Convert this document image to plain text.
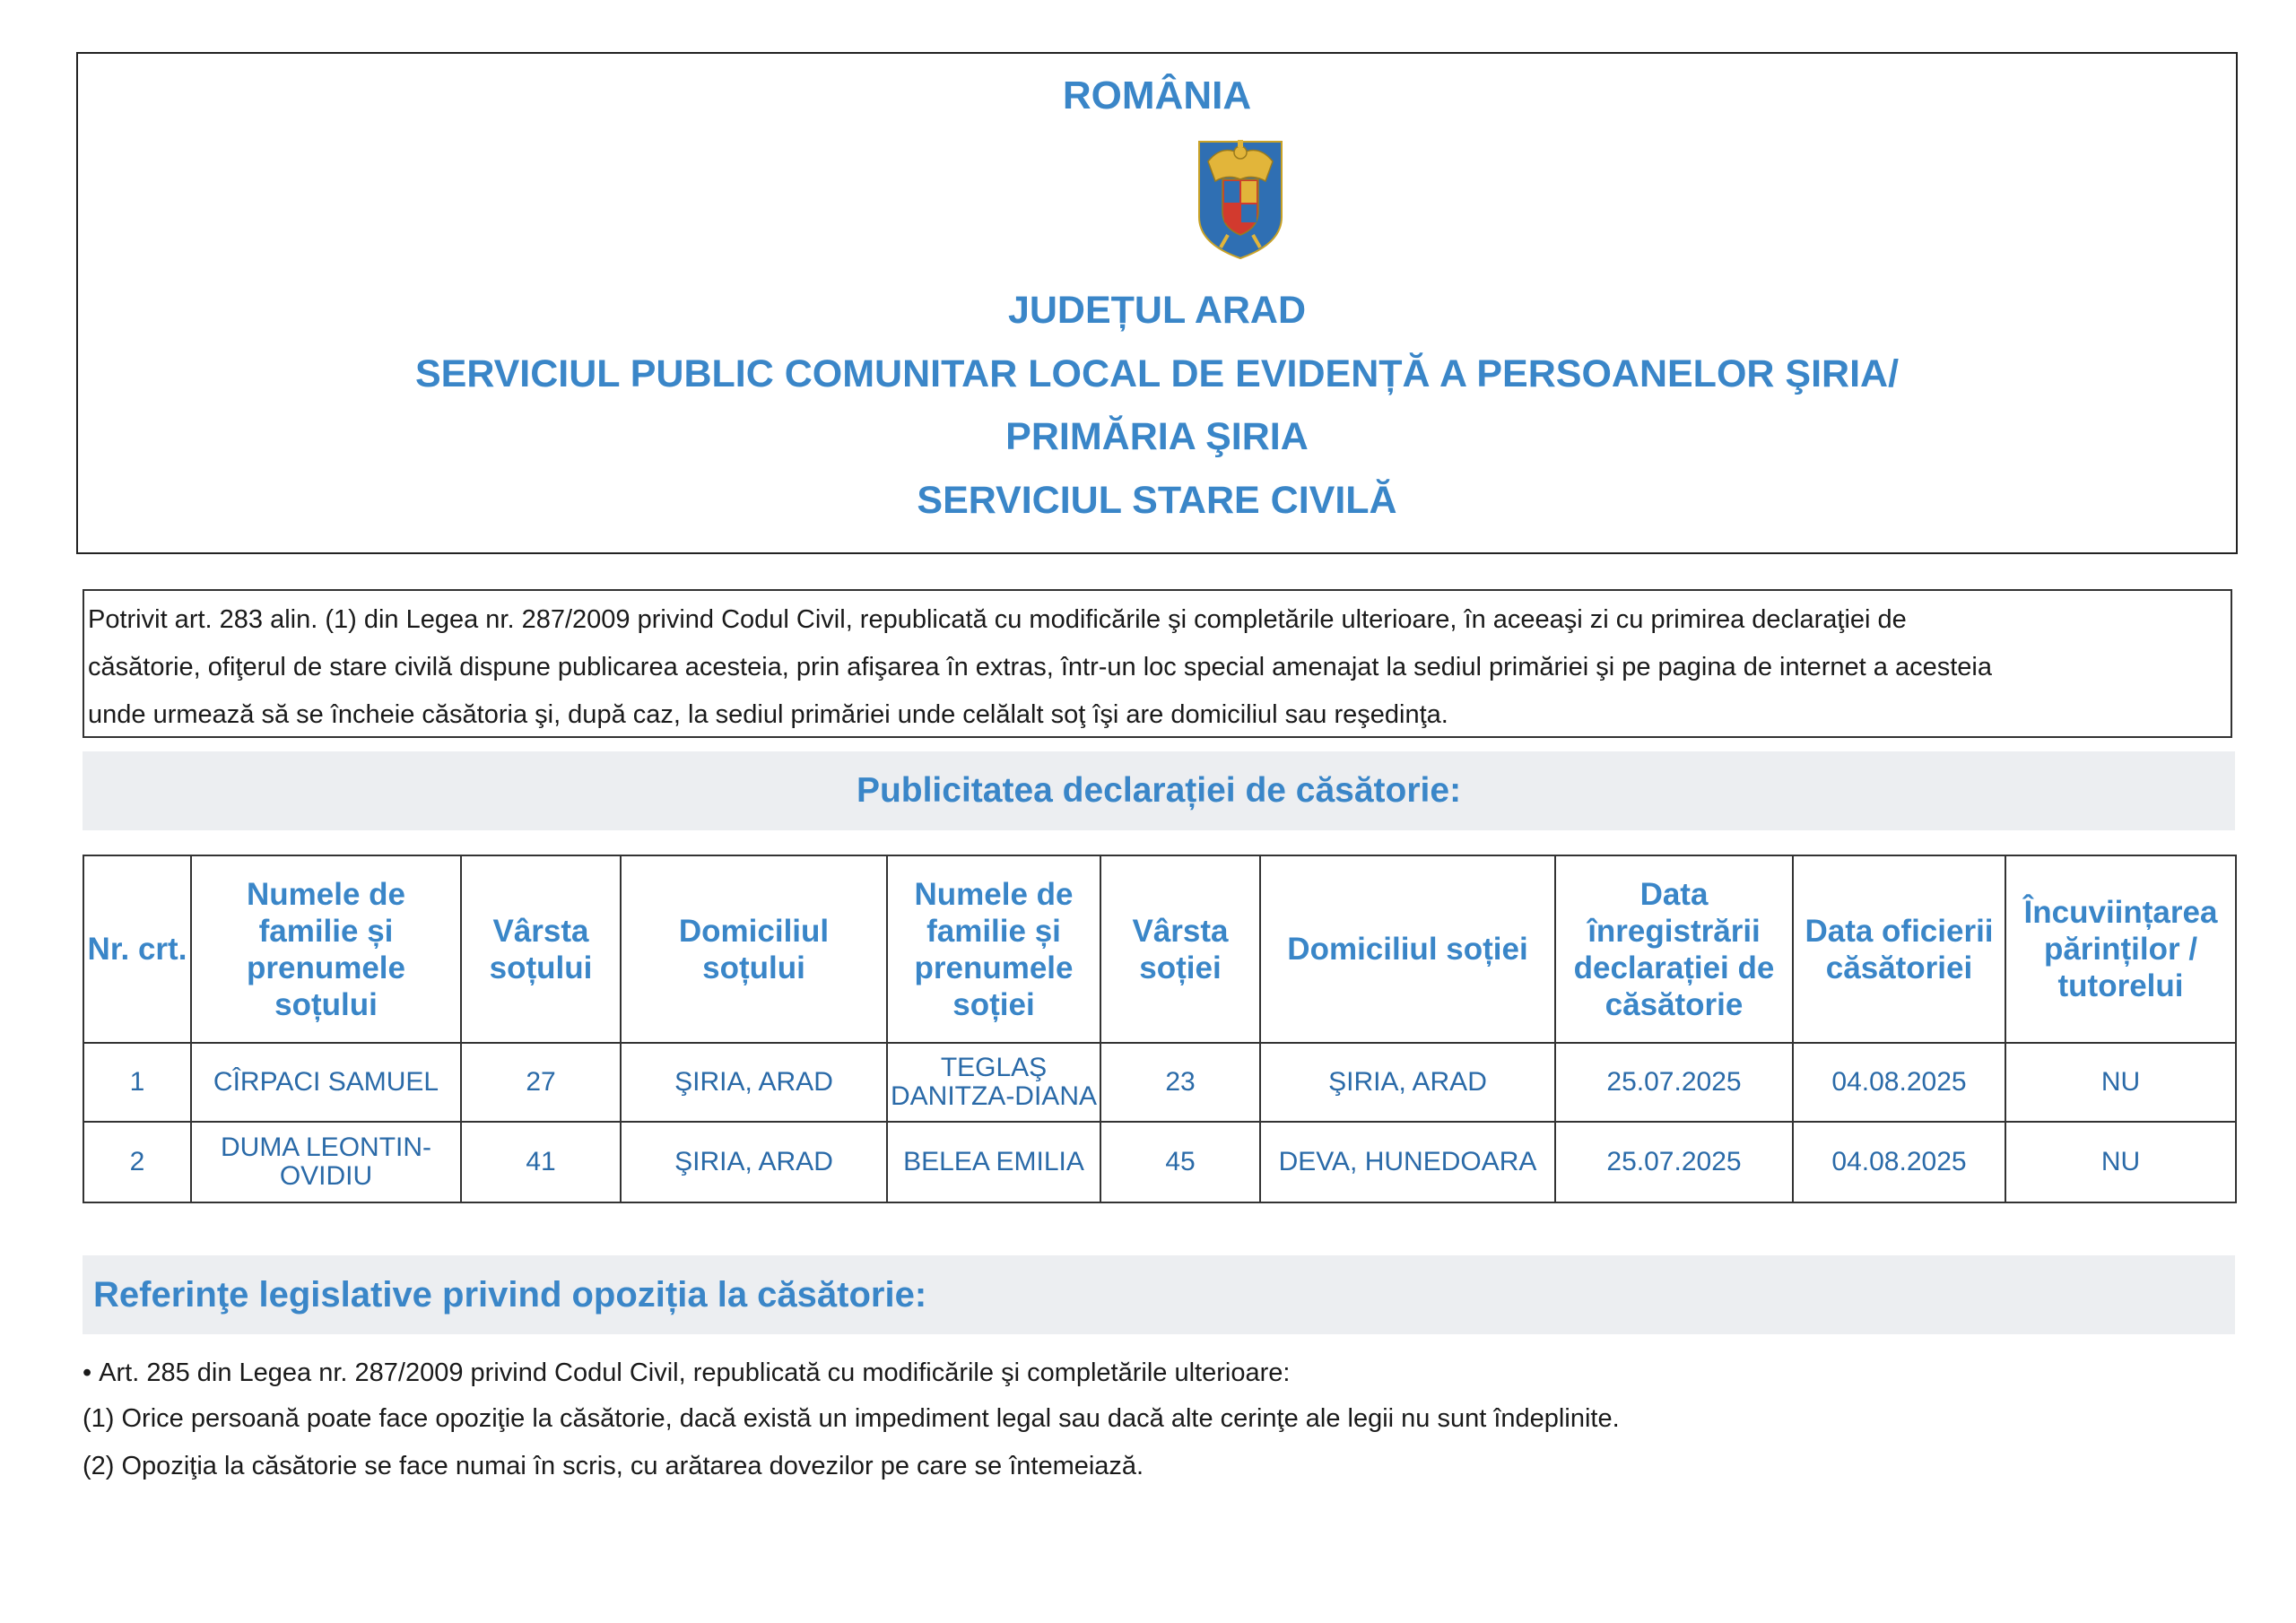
ROMÂNIA
JUDEȚUL ARAD
SERVICIUL PUBLIC COMUNITAR LOCAL DE EVIDENȚĂ A PERSOANELOR ŞIRIA/
PRIMĂRIA ŞIRIA
SERVICIUL STARE CIVILĂ
Potrivit art. 283 alin. (1) din Legea nr. 287/2009 privind Codul Civil, republicată cu modificările şi completările ulterioare, în aceeaşi zi cu primirea declaraţiei de
căsătorie, ofiţerul de stare civilă dispune publicarea acesteia, prin afişarea în extras, într-un loc special amenajat la sediul primăriei şi pe pagina de internet a acesteia
unde urmează să se încheie căsătoria şi, după caz, la sediul primăriei unde celălalt soţ îşi are domiciliul sau reşedinţa.
Publicitatea declarației de căsătorie:
Nr. crt.	Numele de familie și prenumele soțului	Vârsta soțului	Domiciliul soțului	Numele de familie și prenumele soției	Vârsta soției	Domiciliul soției	Data înregistrării declarației de căsătorie	Data oficierii căsătoriei	Încuviințarea părinților / tutorelui
1	CÎRPACI SAMUEL	27	ŞIRIA, ARAD	TEGLAŞ DANITZA-DIANA	23	ŞIRIA, ARAD	25.07.2025	04.08.2025	NU
2	DUMA LEONTIN-OVIDIU	41	ŞIRIA, ARAD	BELEA EMILIA	45	DEVA, HUNEDOARA	25.07.2025	04.08.2025	NU
Referinţe legislative privind opoziția la căsătorie:
• Art. 285 din Legea nr. 287/2009 privind Codul Civil, republicată cu modificările şi completările ulterioare:
(1) Orice persoană poate face opoziţie la căsătorie, dacă există un impediment legal sau dacă alte cerinţe ale legii nu sunt îndeplinite.
(2) Opoziţia la căsătorie se face numai în scris, cu arătarea dovezilor pe care se întemeiază.
